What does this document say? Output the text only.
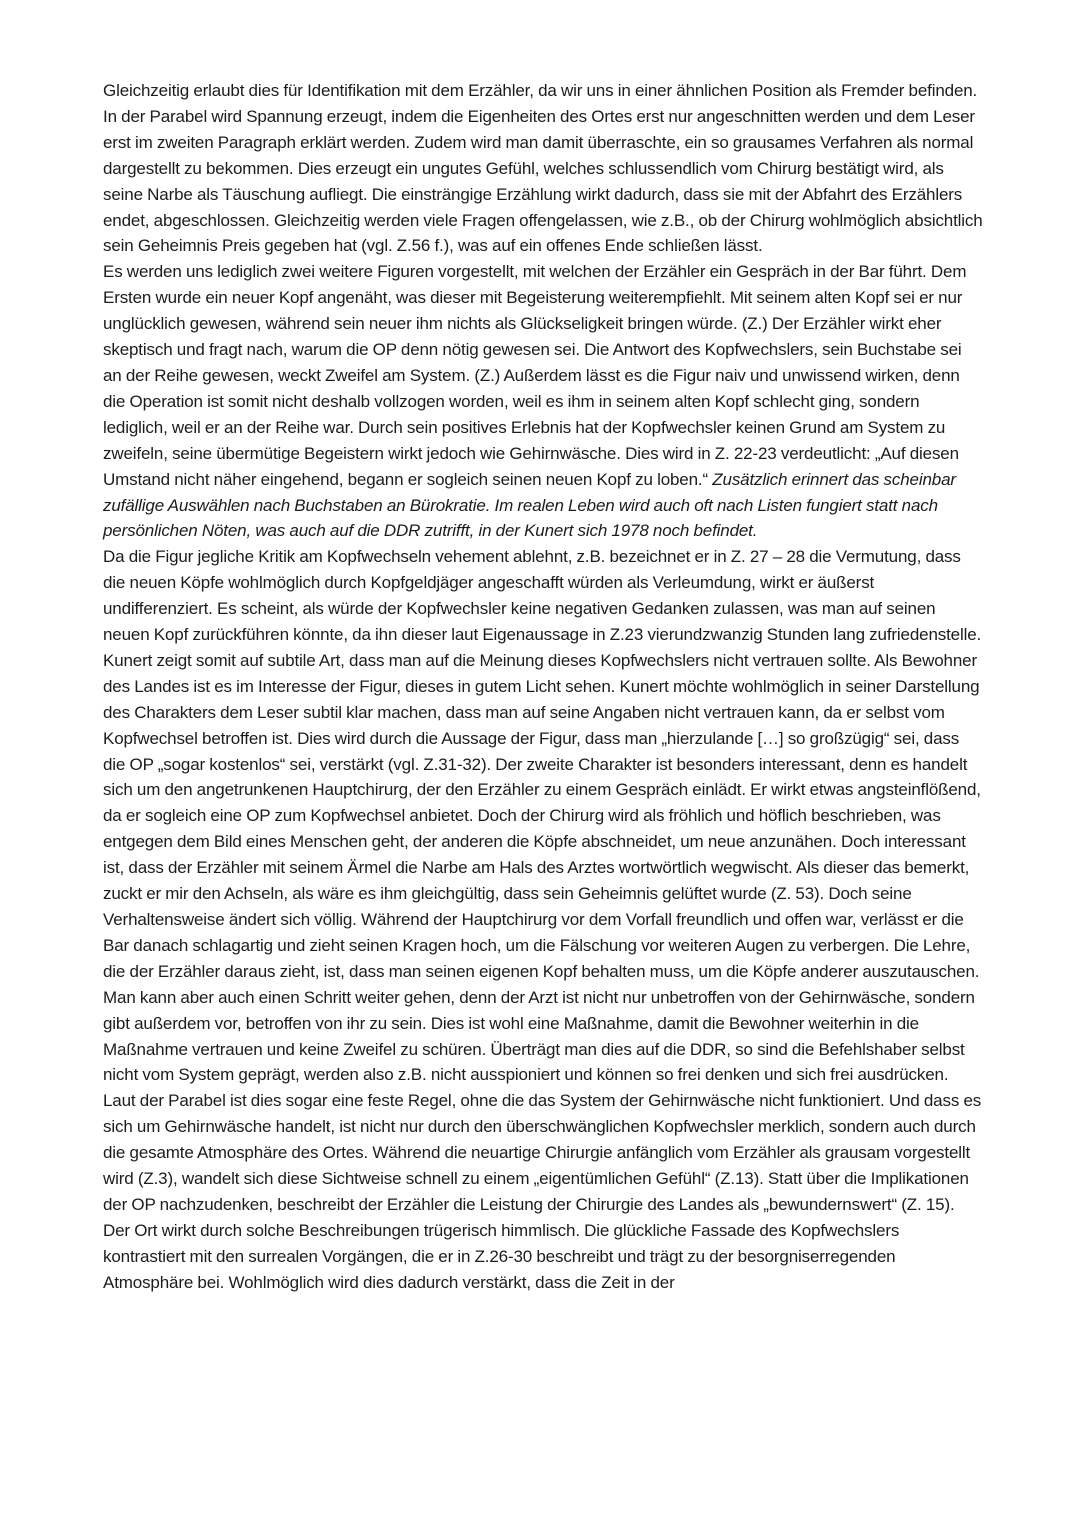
Gleichzeitig erlaubt dies für Identifikation mit dem Erzähler, da wir uns in einer ähnlichen Position als Fremder befinden. In der Parabel wird Spannung erzeugt, indem die Eigenheiten des Ortes erst nur angeschnitten werden und dem Leser erst im zweiten Paragraph erklärt werden. Zudem wird man damit überraschte, ein so grausames Verfahren als normal dargestellt zu bekommen. Dies erzeugt ein ungutes Gefühl, welches schlussendlich vom Chirurg bestätigt wird, als seine Narbe als Täuschung aufliegt. Die einsträngige Erzählung wirkt dadurch, dass sie mit der Abfahrt des Erzählers endet, abgeschlossen. Gleichzeitig werden viele Fragen offengelassen, wie z.B., ob der Chirurg wohlmöglich absichtlich sein Geheimnis Preis gegeben hat (vgl. Z.56 f.), was auf ein offenes Ende schließen lässt.

Es werden uns lediglich zwei weitere Figuren vorgestellt, mit welchen der Erzähler ein Gespräch in der Bar führt. Dem Ersten wurde ein neuer Kopf angenäht, was dieser mit Begeisterung weiterempfiehlt. Mit seinem alten Kopf sei er nur unglücklich gewesen, während sein neuer ihm nichts als Glückseligkeit bringen würde. (Z.) Der Erzähler wirkt eher skeptisch und fragt nach, warum die OP denn nötig gewesen sei. Die Antwort des Kopfwechslers, sein Buchstabe sei an der Reihe gewesen, weckt Zweifel am System. (Z.) Außerdem lässt es die Figur naiv und unwissend wirken, denn die Operation ist somit nicht deshalb vollzogen worden, weil es ihm in seinem alten Kopf schlecht ging, sondern lediglich, weil er an der Reihe war. Durch sein positives Erlebnis hat der Kopfwechsler keinen Grund am System zu zweifeln, seine übermütige Begeistern wirkt jedoch wie Gehirnwäsche. Dies wird in Z. 22-23 verdeutlicht: „Auf diesen Umstand nicht näher eingehend, begann er sogleich seinen neuen Kopf zu loben.“ Zusätzlich erinnert das scheinbar zufällige Auswählen nach Buchstaben an Bürokratie. Im realen Leben wird auch oft nach Listen fungiert statt nach persönlichen Nöten, was auch auf die DDR zutrifft, in der Kunert sich 1978 noch befindet.

Da die Figur jegliche Kritik am Kopfwechseln vehement ablehnt, z.B. bezeichnet er in Z. 27 – 28 die Vermutung, dass die neuen Köpfe wohlmöglich durch Kopfgeldjäger angeschafft würden als Verleumdung, wirkt er äußerst undifferenziert. Es scheint, als würde der Kopfwechsler keine negativen Gedanken zulassen, was man auf seinen neuen Kopf zurückführen könnte, da ihn dieser laut Eigenaussage in Z.23 vierundzwanzig Stunden lang zufriedenstelle. Kunert zeigt somit auf subtile Art, dass man auf die Meinung dieses Kopfwechslers nicht vertrauen sollte. Als Bewohner des Landes ist es im Interesse der Figur, dieses in gutem Licht sehen. Kunert möchte wohlmöglich in seiner Darstellung des Charakters dem Leser subtil klar machen, dass man auf seine Angaben nicht vertrauen kann, da er selbst vom Kopfwechsel betroffen ist. Dies wird durch die Aussage der Figur, dass man „hierzulande […] so großzügig“ sei, dass die OP „sogar kostenlos“ sei, verstärkt (vgl. Z.31-32). Der zweite Charakter ist besonders interessant, denn es handelt sich um den angetrunkenen Hauptchirurg, der den Erzähler zu einem Gespräch einlädt. Er wirkt etwas angsteinflößend, da er sogleich eine OP zum Kopfwechsel anbietet. Doch der Chirurg wird als fröhlich und höflich beschrieben, was entgegen dem Bild eines Menschen geht, der anderen die Köpfe abschneidet, um neue anzunähen. Doch interessant ist, dass der Erzähler mit seinem Ärmel die Narbe am Hals des Arztes wortwörtlich wegwischt. Als dieser das bemerkt, zuckt er mir den Achseln, als wäre es ihm gleichgültig, dass sein Geheimnis gelüftet wurde (Z. 53). Doch seine Verhaltensweise ändert sich völlig. Während der Hauptchirurg vor dem Vorfall freundlich und offen war, verlässt er die Bar danach schlagartig und zieht seinen Kragen hoch, um die Fälschung vor weiteren Augen zu verbergen. Die Lehre, die der Erzähler daraus zieht, ist, dass man seinen eigenen Kopf behalten muss, um die Köpfe anderer auszutauschen. Man kann aber auch einen Schritt weiter gehen, denn der Arzt ist nicht nur unbetroffen von der Gehirnwäsche, sondern gibt außerdem vor, betroffen von ihr zu sein. Dies ist wohl eine Maßnahme, damit die Bewohner weiterhin in die Maßnahme vertrauen und keine Zweifel zu schüren. Überträgt man dies auf die DDR, so sind die Befehlshaber selbst nicht vom System geprägt, werden also z.B. nicht ausspioniert und können so frei denken und sich frei ausdrücken. Laut der Parabel ist dies sogar eine feste Regel, ohne die das System der Gehirnwäsche nicht funktioniert. Und dass es sich um Gehirnwäsche handelt, ist nicht nur durch den überschwänglichen Kopfwechsler merklich, sondern auch durch die gesamte Atmosphäre des Ortes. Während die neuartige Chirurgie anfänglich vom Erzähler als grausam vorgestellt wird (Z.3), wandelt sich diese Sichtweise schnell zu einem „eigentümlichen Gefühl“ (Z.13). Statt über die Implikationen der OP nachzudenken, beschreibt der Erzähler die Leistung der Chirurgie des Landes als „bewundernswert“ (Z. 15). Der Ort wirkt durch solche Beschreibungen trügerisch himmlisch. Die glückliche Fassade des Kopfwechslers kontrastiert mit den surrealen Vorgängen, die er in Z.26-30 beschreibt und trägt zu der besorgniserregenden Atmosphäre bei. Wohlmöglich wird dies dadurch verstärkt, dass die Zeit in der
